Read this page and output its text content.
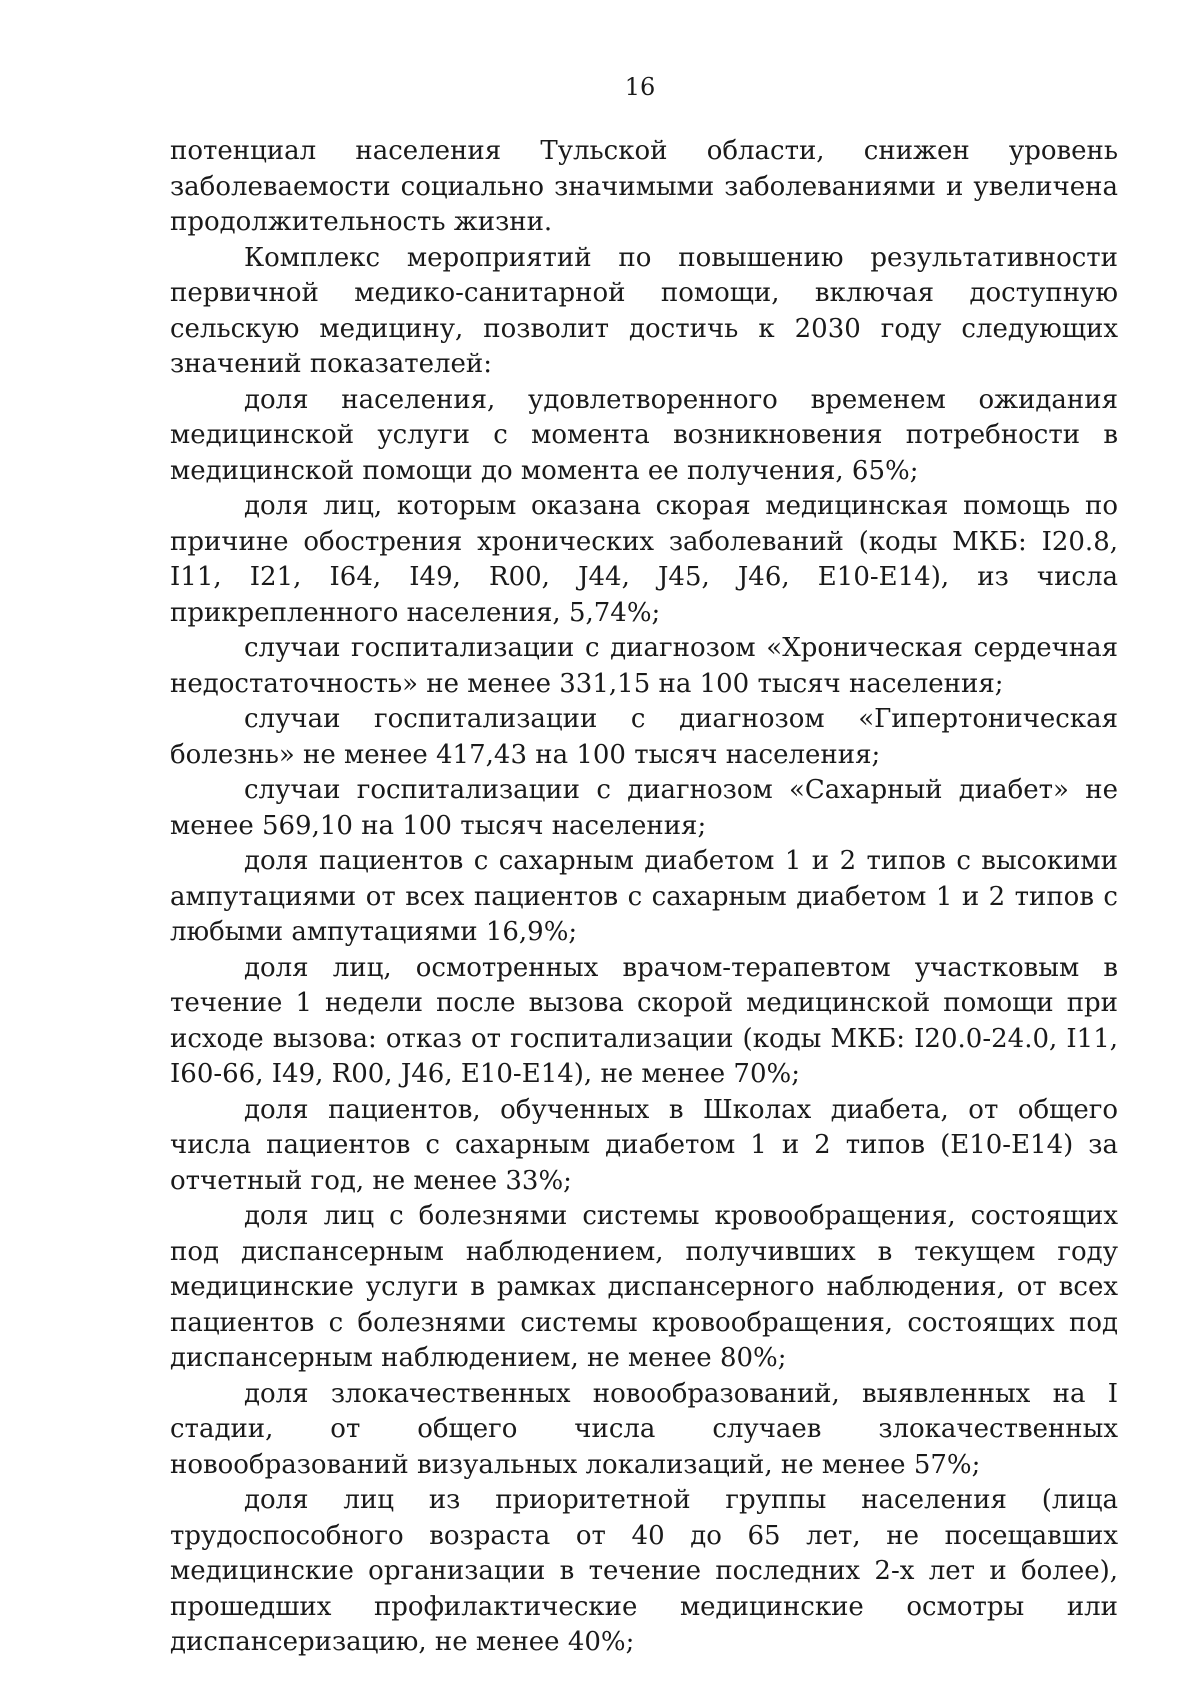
16

потенциал населения Тульской области, снижен уровень заболеваемости социально значимыми заболеваниями и увеличена продолжительность жизни.

Комплекс мероприятий по повышению результативности первичной медико-санитарной помощи, включая доступную сельскую медицину, позволит достичь к 2030 году следующих значений показателей:

доля населения, удовлетворенного временем ожидания медицинской услуги с момента возникновения потребности в медицинской помощи до момента ее получения, 65%;

доля лиц, которым оказана скорая медицинская помощь по причине обострения хронических заболеваний (коды МКБ: I20.8, I11, I21, I64, I49, R00, J44, J45, J46, E10-E14), из числа прикрепленного населения, 5,74%;

случаи госпитализации с диагнозом «Хроническая сердечная недостаточность» не менее 331,15 на 100 тысяч населения;

случаи госпитализации с диагнозом «Гипертоническая болезнь» не менее 417,43 на 100 тысяч населения;

случаи госпитализации с диагнозом «Сахарный диабет» не менее 569,10 на 100 тысяч населения;

доля пациентов с сахарным диабетом 1 и 2 типов с высокими ампутациями от всех пациентов с сахарным диабетом 1 и 2 типов с любыми ампутациями 16,9%;

доля лиц, осмотренных врачом-терапевтом участковым в течение 1 недели после вызова скорой медицинской помощи при исходе вызова: отказ от госпитализации (коды МКБ: I20.0-24.0, I11, I60-66, I49, R00, J46, E10-E14), не менее 70%;

доля пациентов, обученных в Школах диабета, от общего числа пациентов с сахарным диабетом 1 и 2 типов (E10-E14) за отчетный год, не менее 33%;

доля лиц с болезнями системы кровообращения, состоящих под диспансерным наблюдением, получивших в текущем году медицинские услуги в рамках диспансерного наблюдения, от всех пациентов с болезнями системы кровообращения, состоящих под диспансерным наблюдением, не менее 80%;

доля злокачественных новообразований, выявленных на I стадии, от общего числа случаев злокачественных новообразований визуальных локализаций, не менее 57%;

доля лиц из приоритетной группы населения (лица трудоспособного возраста от 40 до 65 лет, не посещавших медицинские организации в течение последних 2-х лет и более), прошедших профилактические медицинские осмотры или диспансеризацию, не менее 40%;
